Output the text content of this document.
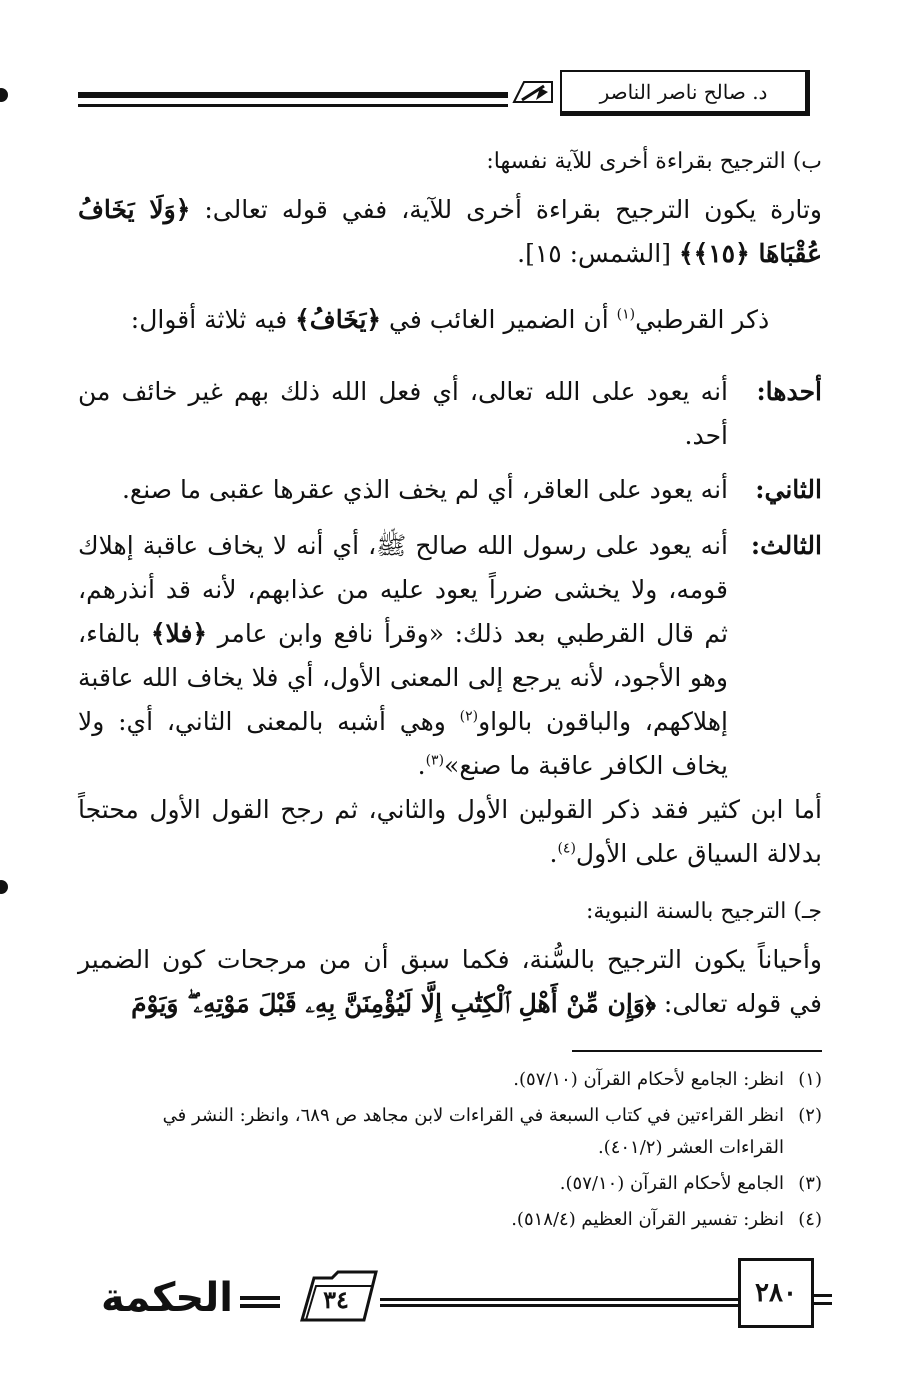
د. صالح ناصر الناصر
ب) الترجيح بقراءة أخرى للآية نفسها:
وتارة يكون الترجيح بقراءة أخرى للآية، ففي قوله تعالى: ﴿وَلَا يَخَافُ عُقْبَاهَا ﴿١٥﴾﴾ [الشمس: ١٥].
ذكر القرطبي$^{(١)}$ أن الضمير الغائب في ﴿يَخَافُ﴾ فيه ثلاثة أقوال:
أحدها:
أنه يعود على الله تعالى، أي فعل الله ذلك بهم غير خائف من أحد.
الثاني:
أنه يعود على العاقر، أي لم يخف الذي عقرها عقبى ما صنع.
الثالث:
أنه يعود على رسول الله صالح ﷺ، أي أنه لا يخاف عاقبة إهلاك قومه، ولا يخشى ضرراً يعود عليه من عذابهم، لأنه قد أنذرهم، ثم قال القرطبي بعد ذلك: «وقرأ نافع وابن عامر ﴿فلا﴾ بالفاء، وهو الأجود، لأنه يرجع إلى المعنى الأول، أي فلا يخاف الله عاقبة إهلاكهم، والباقون بالواو$^{(٢)}$ وهي أشبه بالمعنى الثاني، أي: ولا يخاف الكافر عاقبة ما صنع»$^{(٣)}$.
أما ابن كثير فقد ذكر القولين الأول والثاني، ثم رجح القول الأول محتجاً بدلالة السياق على الأول$^{(٤)}$.
جـ) الترجيح بالسنة النبوية:
وأحياناً يكون الترجيح بالسُّنة، فكما سبق أن من مرجحات كون الضمير في قوله تعالى: ﴿وَإِن مِّنْ أَهْلِ ٱلْكِتَٰبِ إِلَّا لَيُؤْمِنَنَّ بِهِۦ قَبْلَ مَوْتِهِۦ ۖ وَيَوْمَ
(١)انظر: الجامع لأحكام القرآن (٥٧/١٠).
(٢)انظر القراءتين في كتاب السبعة في القراءات لابن مجاهد ص ٦٨٩، وانظر: النشر في
القراءات العشر (٤٠١/٢).
(٣)الجامع لأحكام القرآن (٥٧/١٠).
(٤)انظر: تفسير القرآن العظيم (٥١٨/٤).
٣٤
الحكمة	٢٨٠
